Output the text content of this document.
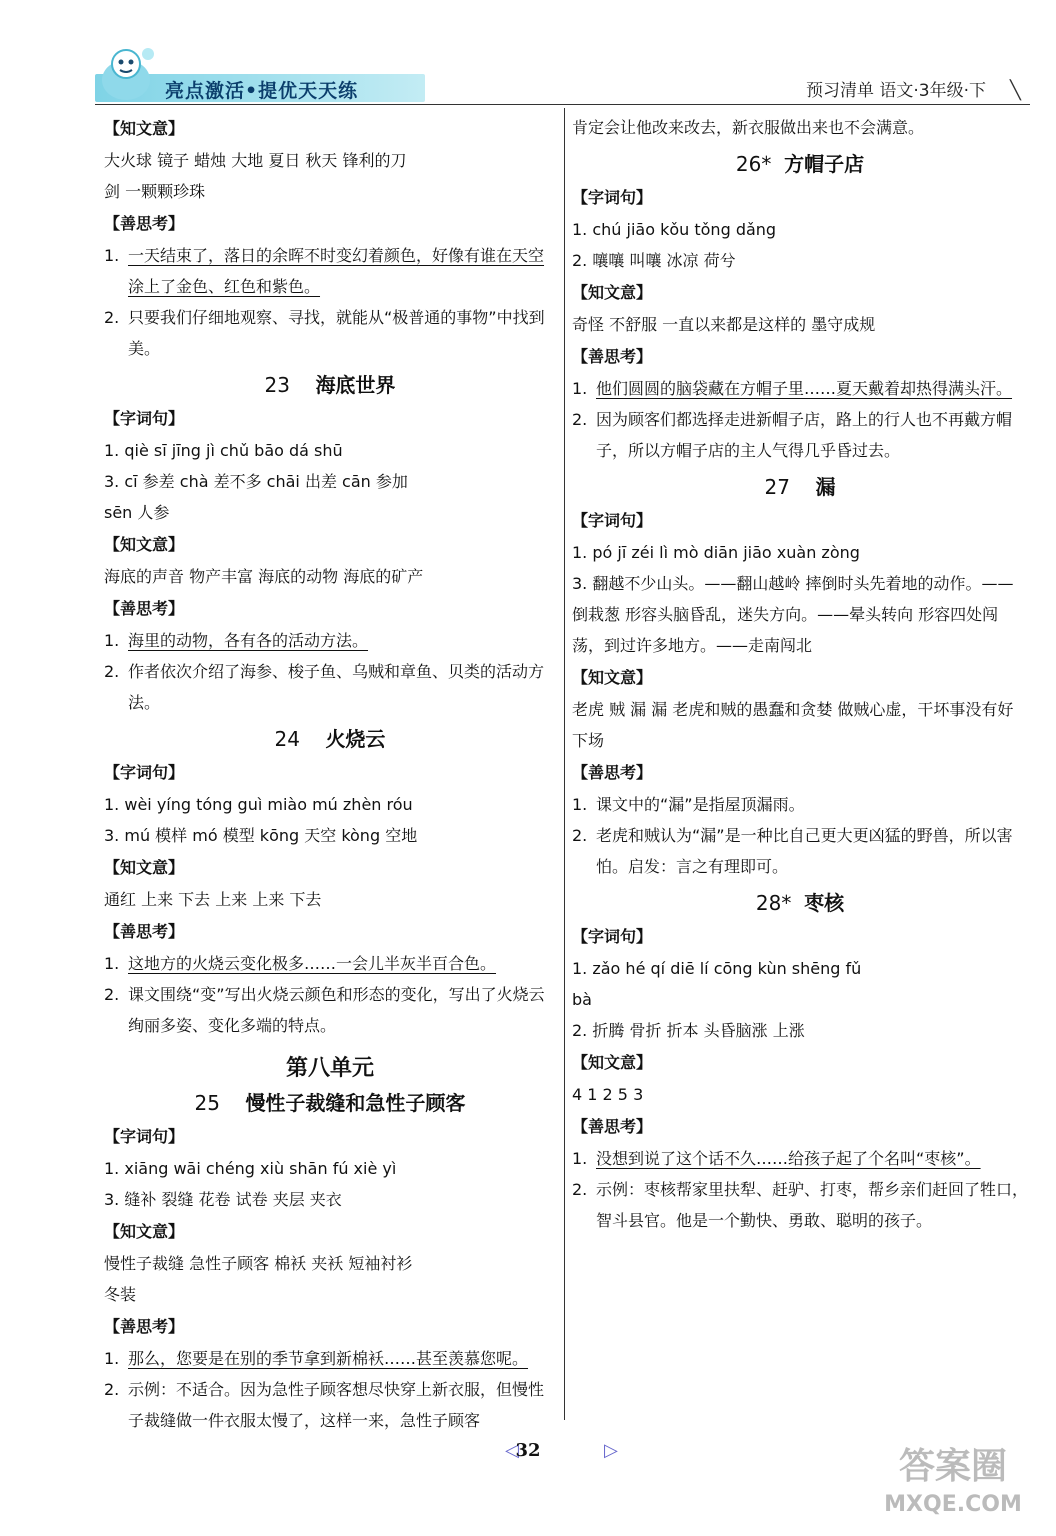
亮点激活•提优天天练	预习清单 语文·3年级·下 ╲
【知文意】
大火球 镜子 蜡烛 大地 夏日 秋天 锋利的刀
剑 一颗颗珍珠
【善思考】
1. 一天结束了，落日的余晖不时变幻着颜色，好像有谁在天空涂上了金色、红色和紫色。
2. 只要我们仔细地观察、寻找，就能从“极普通的事物”中找到美。
23 海底世界
【字词句】
1. qiè sī jīng jì chǔ bāo dá shū
3. cī 参差 chà 差不多 chāi 出差 cān 参加
sēn 人参
【知文意】
海底的声音 物产丰富 海底的动物 海底的矿产
【善思考】
1. 海里的动物，各有各的活动方法。
2. 作者依次介绍了海参、梭子鱼、乌贼和章鱼、贝类的活动方法。
24 火烧云
【字词句】
1. wèi yíng tóng guì miào mú zhèn róu
3. mú 模样 mó 模型 kōng 天空 kòng 空地
【知文意】
通红 上来 下去 上来 上来 下去
【善思考】
1. 这地方的火烧云变化极多……一会儿半灰半百合色。
2. 课文围绕“变”写出火烧云颜色和形态的变化，写出了火烧云绚丽多姿、变化多端的特点。
第八单元
25 慢性子裁缝和急性子顾客
【字词句】
1. xiāng wāi chéng xiù shān fú xiè yì
3. 缝补 裂缝 花卷 试卷 夹层 夹衣
【知文意】
慢性子裁缝 急性子顾客 棉袄 夹袄 短袖衬衫
冬装
【善思考】
1. 那么，您要是在别的季节拿到新棉袄……甚至羡慕您呢。
2. 示例：不适合。因为急性子顾客想尽快穿上新衣服，但慢性子裁缝做一件衣服太慢了，这样一来，急性子顾客
肯定会让他改来改去，新衣服做出来也不会满意。
26* 方帽子店
【字词句】
1. chú jiāo kǒu tǒng dǎng
2. 嚷嚷 叫嚷 冰凉 荷兮
【知文意】
奇怪 不舒服 一直以来都是这样的 墨守成规
【善思考】
1. 他们圆圆的脑袋藏在方帽子里……夏天戴着却热得满头汗。
2. 因为顾客们都选择走进新帽子店，路上的行人也不再戴方帽子，所以方帽子店的主人气得几乎昏过去。
27 漏
【字词句】
1. pó jī zéi lì mò diān jiāo xuàn zòng
3. 翻越不少山头。——翻山越岭 摔倒时头先着地的动作。——倒栽葱 形容头脑昏乱，迷失方向。——晕头转向 形容四处闯荡，到过许多地方。——走南闯北
【知文意】
老虎 贼 漏 漏 老虎和贼的愚蠢和贪婪 做贼心虚，干坏事没有好下场
【善思考】
1. 课文中的“漏”是指屋顶漏雨。
2. 老虎和贼认为“漏”是一种比自己更大更凶猛的野兽，所以害怕。启发：言之有理即可。
28* 枣核
【字词句】
1. zǎo hé qí diē lí cōng kùn shēng fǔ
bà
2. 折腾 骨折 折本 头昏脑涨 上涨
【知文意】
4 1 2 5 3
【善思考】
1. 没想到说了这个话不久……给孩子起了个名叫“枣核”。
2. 示例：枣核帮家里扶犁、赶驴、打枣，帮乡亲们赶回了牲口，智斗县官。他是一个勤快、勇敢、聪明的孩子。
◁
32	▷	答案圈
MXQE.COM
